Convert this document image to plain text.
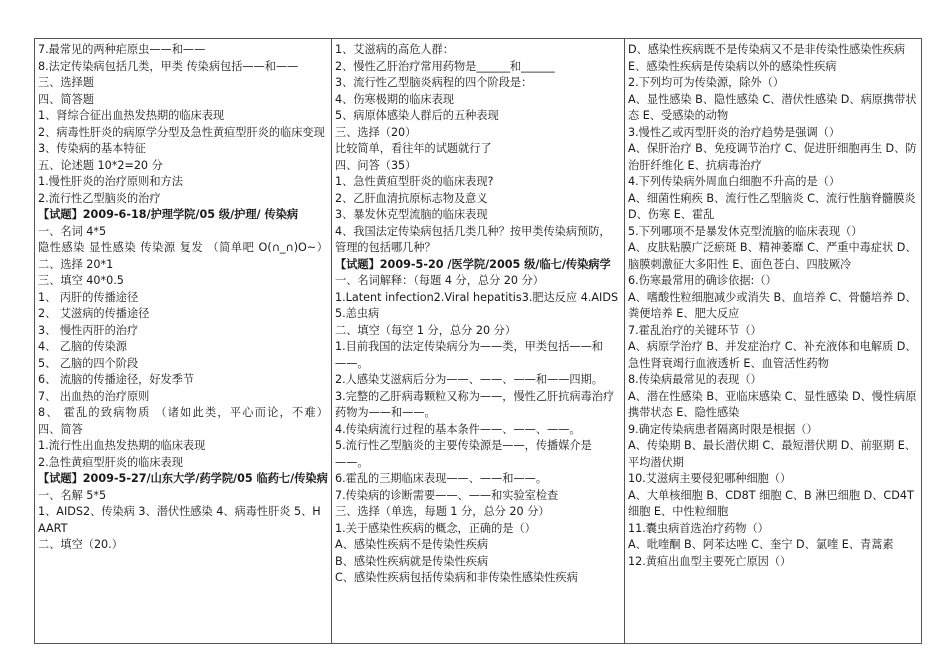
7.最常见的两种疟原虫——和——
8.法定传染病包括几类，甲类 传染病包括——和——
三、选择题
四、简答题
1、肾综合征出血热发热期的临床表现
2、病毒性肝炎的病原学分型及急性黄疸型肝炎的临床变现
3、传染病的基本特征
五、论述题 10*2=20 分
1.慢性肝炎的治疗原则和方法
2.流行性乙型脑炎的治疗
【试题】2009-6-18/护理学院/05 级/护理/ 传染病
一、名词 4*5
隐性感染 显性感染 传染源 复发 （简单吧 O(∩_∩)O~）
二、选择 20*1
三、填空 40*0.5
1、 丙肝的传播途径
2、 艾滋病的传播途径
3、 慢性丙肝的治疗
4、 乙脑的传染源
5、 乙脑的四个阶段
6、 流脑的传播途径，好发季节
7、 出血热的治疗原则
8、 霍乱的致病物质 （诸如此类，平心而论，不难）
四、简答
1.流行性出血热发热期的临床表现
2.急性黄疸型肝炎的临床表现
【试题】2009-5-27/山东大学/药学院/05 临药七/传染病
一、名解 5*5
1、AIDS2、传染病 3、潜伏性感染 4、病毒性肝炎 5、HAART
二、填空（20.）
1、艾滋病的高危人群：
2、慢性乙肝治疗常用药物是______和______
3、流行性乙型脑炎病程的四个阶段是：
4、伤寒极期的临床表现
5、病原体感染人群后的五种表现
三、选择（20）
比较简单，看往年的试题就行了
四、问答（35）
1、急性黄疸型肝炎的临床表现?
2、乙肝血清抗原标志物及意义
3、暴发休克型流脑的临床表现
4、我国法定传染病包括几类几种？按甲类传染病预防，管理的包括哪几种？
【试题】2009-5-20 /医学院/2005 级/临七/传染病学
一、名词解释：（每题 4 分，总分 20 分）
1.Latent infection2.Viral hepatitis3.肥达反应 4.AIDS5.恙虫病
二、填空（每空 1 分，总分 20 分）
1.目前我国的法定传染病分为——类，甲类包括——和——。
2.人感染艾滋病后分为——、——、——和——四期。
3.完整的乙肝病毒颗粒又称为——，慢性乙肝抗病毒治疗药物为——和——。
4.传染病流行过程的基本条件——、——、——。
5.流行性乙型脑炎的主要传染源是——，传播媒介是——。
6.霍乱的三期临床表现——、——和——。
7.传染病的诊断需要——、——和实验室检查
三、选择（单选，每题 1 分，总分 20 分）
1.关于感染性疾病的概念，正确的是（）
A、感染性疾病不是传染性疾病
B、感染性疾病就是传染性疾病
C、感染性疾病包括传染病和非传染性感染性疾病
D、感染性疾病既不是传染病又不是非传染性感染性疾病
E、感染性疾病是传染病以外的感染性疾病
2.下列均可为传染源，除外（）
A、显性感染 B、隐性感染 C、潜伏性感染 D、病原携带状态 E、受感染的动物
3.慢性乙或丙型肝炎的治疗趋势是强调（）
A、保肝治疗 B、免疫调节治疗 C、促进肝细胞再生 D、防治肝纤维化 E、抗病毒治疗
4.下列传染病外周血白细胞不升高的是（）
A、细菌性痢疾 B、流行性乙型脑炎 C、流行性脑脊髓膜炎 D、伤寒 E、霍乱
5.下列哪项不是暴发休克型流脑的临床表现（）
A、皮肤粘膜广泛瘀斑 B、精神萎靡 C、严重中毒症状 D、脑膜刺激征大多阳性 E、面色苍白、四肢厥冷
6.伤寒最常用的确诊依据:（）
A、嗜酸性粒细胞减少或消失 B、血培养 C、骨髓培养 D、粪便培养 E、肥大反应
7.霍乱治疗的关键环节（）
A、病原学治疗 B、并发症治疗 C、补充液体和电解质 D、急性肾衰竭行血液透析 E、血管活性药物
8.传染病最常见的表现（）
A、潜在性感染 B、亚临床感染 C、显性感染 D、慢性病原携带状态 E、隐性感染
9.确定传染病患者隔离时限是根据（）
A、传染期 B、最长潜伏期 C、最短潜伏期 D、前驱期 E、平均潜伏期
10.艾滋病主要侵犯哪种细胞（）
A、大单核细胞 B、CD8T 细胞 C、B 淋巴细胞 D、CD4T 细胞 E、中性粒细胞
11.囊虫病首选治疗药物（）
A、吡喹酮 B、阿苯达唑 C、奎宁 D、氯喹 E、青蒿素
12.黄疸出血型主要死亡原因（）
